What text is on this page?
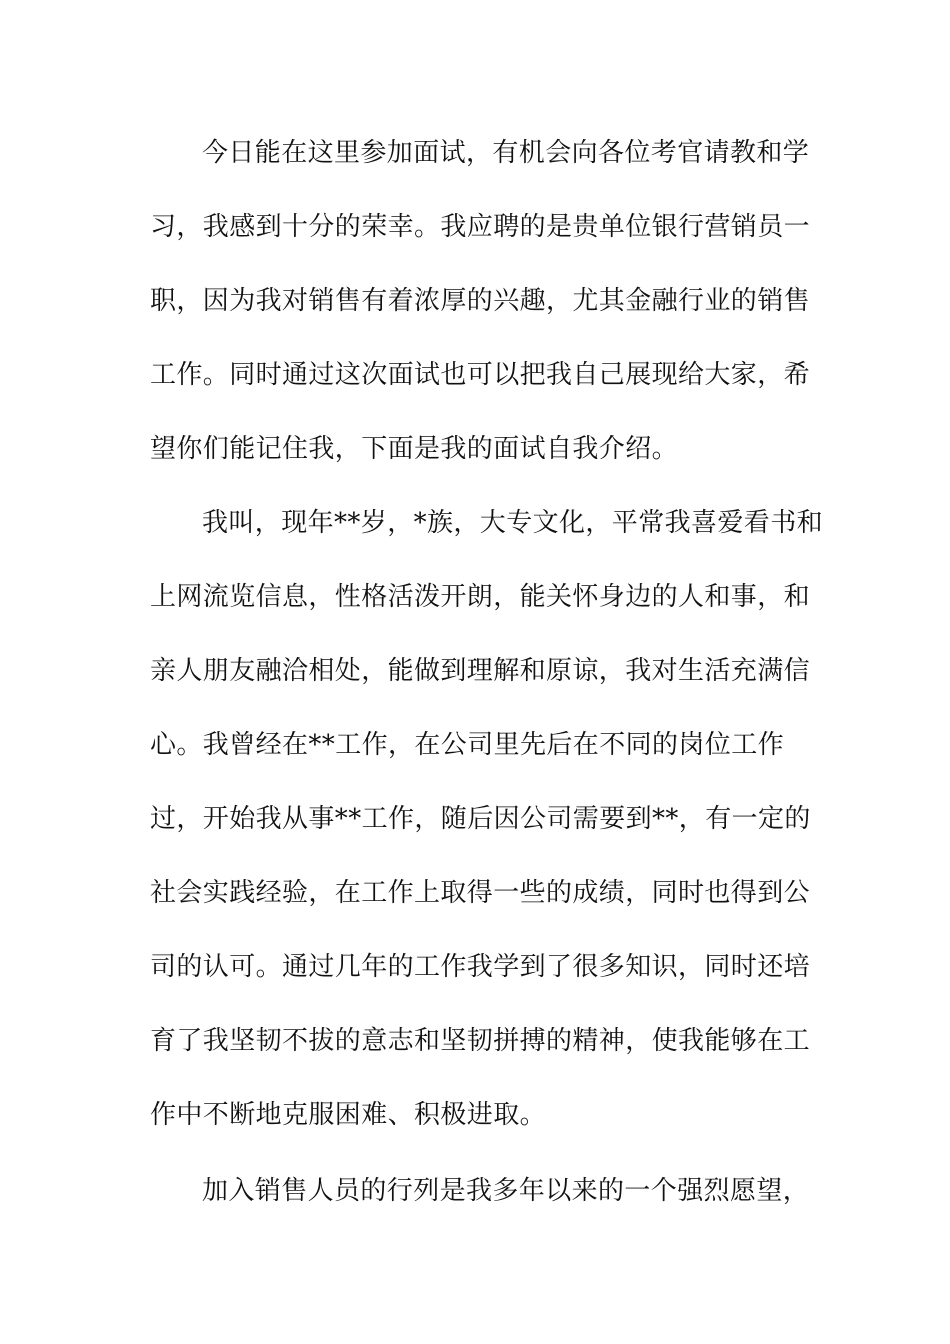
今日能在这里参加面试，有机会向各位考官请教和学
习，我感到十分的荣幸。我应聘的是贵单位银行营销员一
职，因为我对销售有着浓厚的兴趣，尤其金融行业的销售
工作。同时通过这次面试也可以把我自己展现给大家，希
望你们能记住我，下面是我的面试自我介绍。
我叫，现年**岁，*族，大专文化，平常我喜爱看书和
上网流览信息，性格活泼开朗，能关怀身边的人和事，和
亲人朋友融洽相处，能做到理解和原谅，我对生活充满信
心。我曾经在**工作，在公司里先后在不同的岗位工作
过，开始我从事**工作，随后因公司需要到**，有一定的
社会实践经验，在工作上取得一些的成绩，同时也得到公
司的认可。通过几年的工作我学到了很多知识，同时还培
育了我坚韧不拔的意志和坚韧拼搏的精神，使我能够在工
作中不断地克服困难、积极进取。
加入销售人员的行列是我多年以来的一个强烈愿望，
